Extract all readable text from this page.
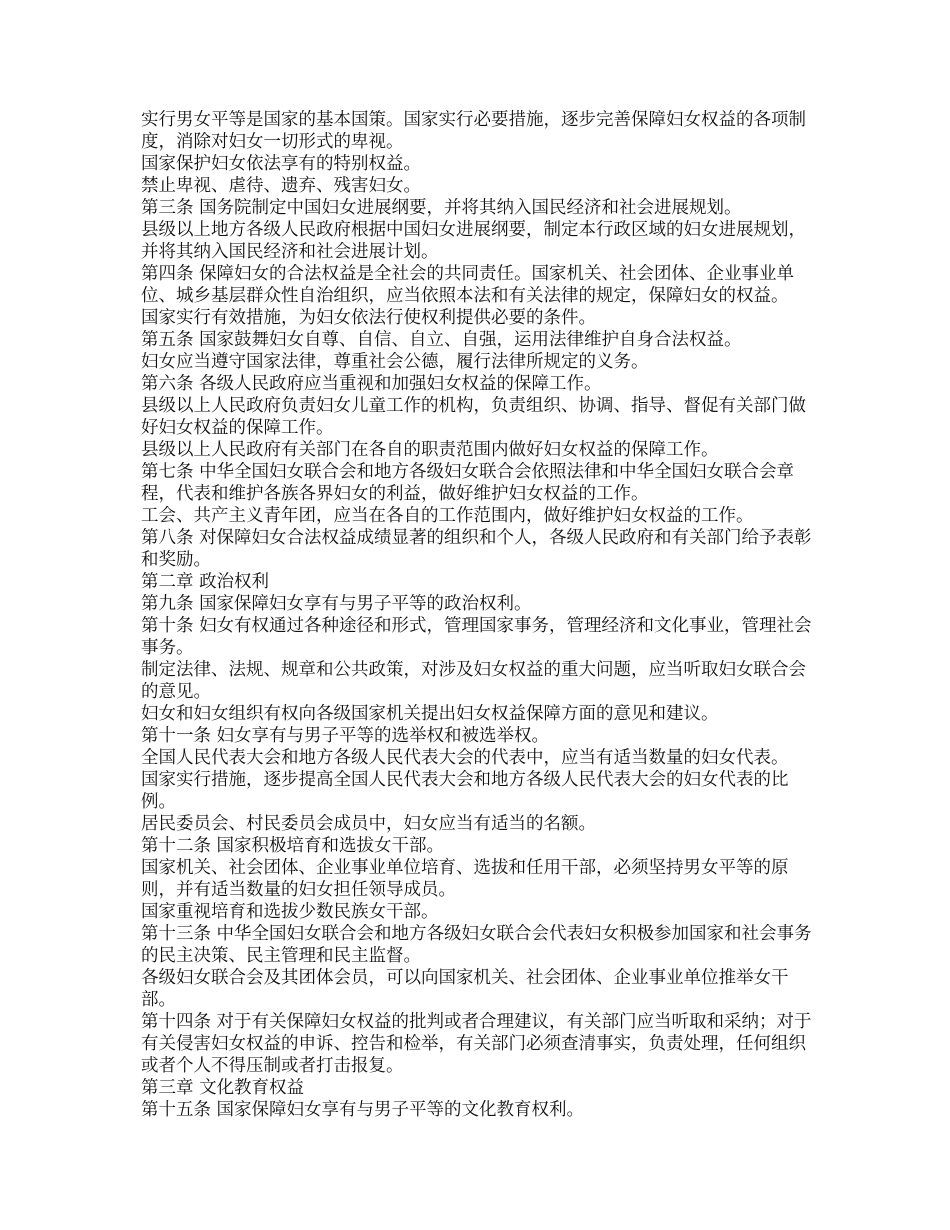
实行男女平等是国家的基本国策。国家实行必要措施，逐步完善保障妇女权益的各项制度，消除对妇女一切形式的卑视。

国家保护妇女依法享有的特别权益。

禁止卑视、虐待、遗弃、残害妇女。

第三条 国务院制定中国妇女进展纲要，并将其纳入国民经济和社会进展规划。

县级以上地方各级人民政府根据中国妇女进展纲要，制定本行政区域的妇女进展规划，并将其纳入国民经济和社会进展计划。

第四条 保障妇女的合法权益是全社会的共同责任。国家机关、社会团体、企业事业单位、城乡基层群众性自治组织，应当依照本法和有关法律的规定，保障妇女的权益。

国家实行有效措施，为妇女依法行使权利提供必要的条件。

第五条 国家鼓舞妇女自尊、自信、自立、自强，运用法律维护自身合法权益。

妇女应当遵守国家法律，尊重社会公德，履行法律所规定的义务。

第六条 各级人民政府应当重视和加强妇女权益的保障工作。

县级以上人民政府负责妇女儿童工作的机构，负责组织、协调、指导、督促有关部门做好妇女权益的保障工作。

县级以上人民政府有关部门在各自的职责范围内做好妇女权益的保障工作。

第七条 中华全国妇女联合会和地方各级妇女联合会依照法律和中华全国妇女联合会章程，代表和维护各族各界妇女的利益，做好维护妇女权益的工作。

工会、共产主义青年团，应当在各自的工作范围内，做好维护妇女权益的工作。

第八条 对保障妇女合法权益成绩显著的组织和个人，各级人民政府和有关部门给予表彰和奖励。

第二章 政治权利

第九条 国家保障妇女享有与男子平等的政治权利。

第十条 妇女有权通过各种途径和形式，管理国家事务，管理经济和文化事业，管理社会事务。

制定法律、法规、规章和公共政策，对涉及妇女权益的重大问题，应当听取妇女联合会的意见。

妇女和妇女组织有权向各级国家机关提出妇女权益保障方面的意见和建议。

第十一条 妇女享有与男子平等的选举权和被选举权。

全国人民代表大会和地方各级人民代表大会的代表中，应当有适当数量的妇女代表。

国家实行措施，逐步提高全国人民代表大会和地方各级人民代表大会的妇女代表的比例。

居民委员会、村民委员会成员中，妇女应当有适当的名额。

第十二条 国家积极培育和选拔女干部。

国家机关、社会团体、企业事业单位培育、选拔和任用干部，必须坚持男女平等的原则，并有适当数量的妇女担任领导成员。

国家重视培育和选拔少数民族女干部。

第十三条 中华全国妇女联合会和地方各级妇女联合会代表妇女积极参加国家和社会事务的民主决策、民主管理和民主监督。

各级妇女联合会及其团体会员，可以向国家机关、社会团体、企业事业单位推举女干部。

第十四条 对于有关保障妇女权益的批判或者合理建议，有关部门应当听取和采纳；对于有关侵害妇女权益的申诉、控告和检举，有关部门必须查清事实，负责处理，任何组织或者个人不得压制或者打击报复。

第三章 文化教育权益

第十五条 国家保障妇女享有与男子平等的文化教育权利。
